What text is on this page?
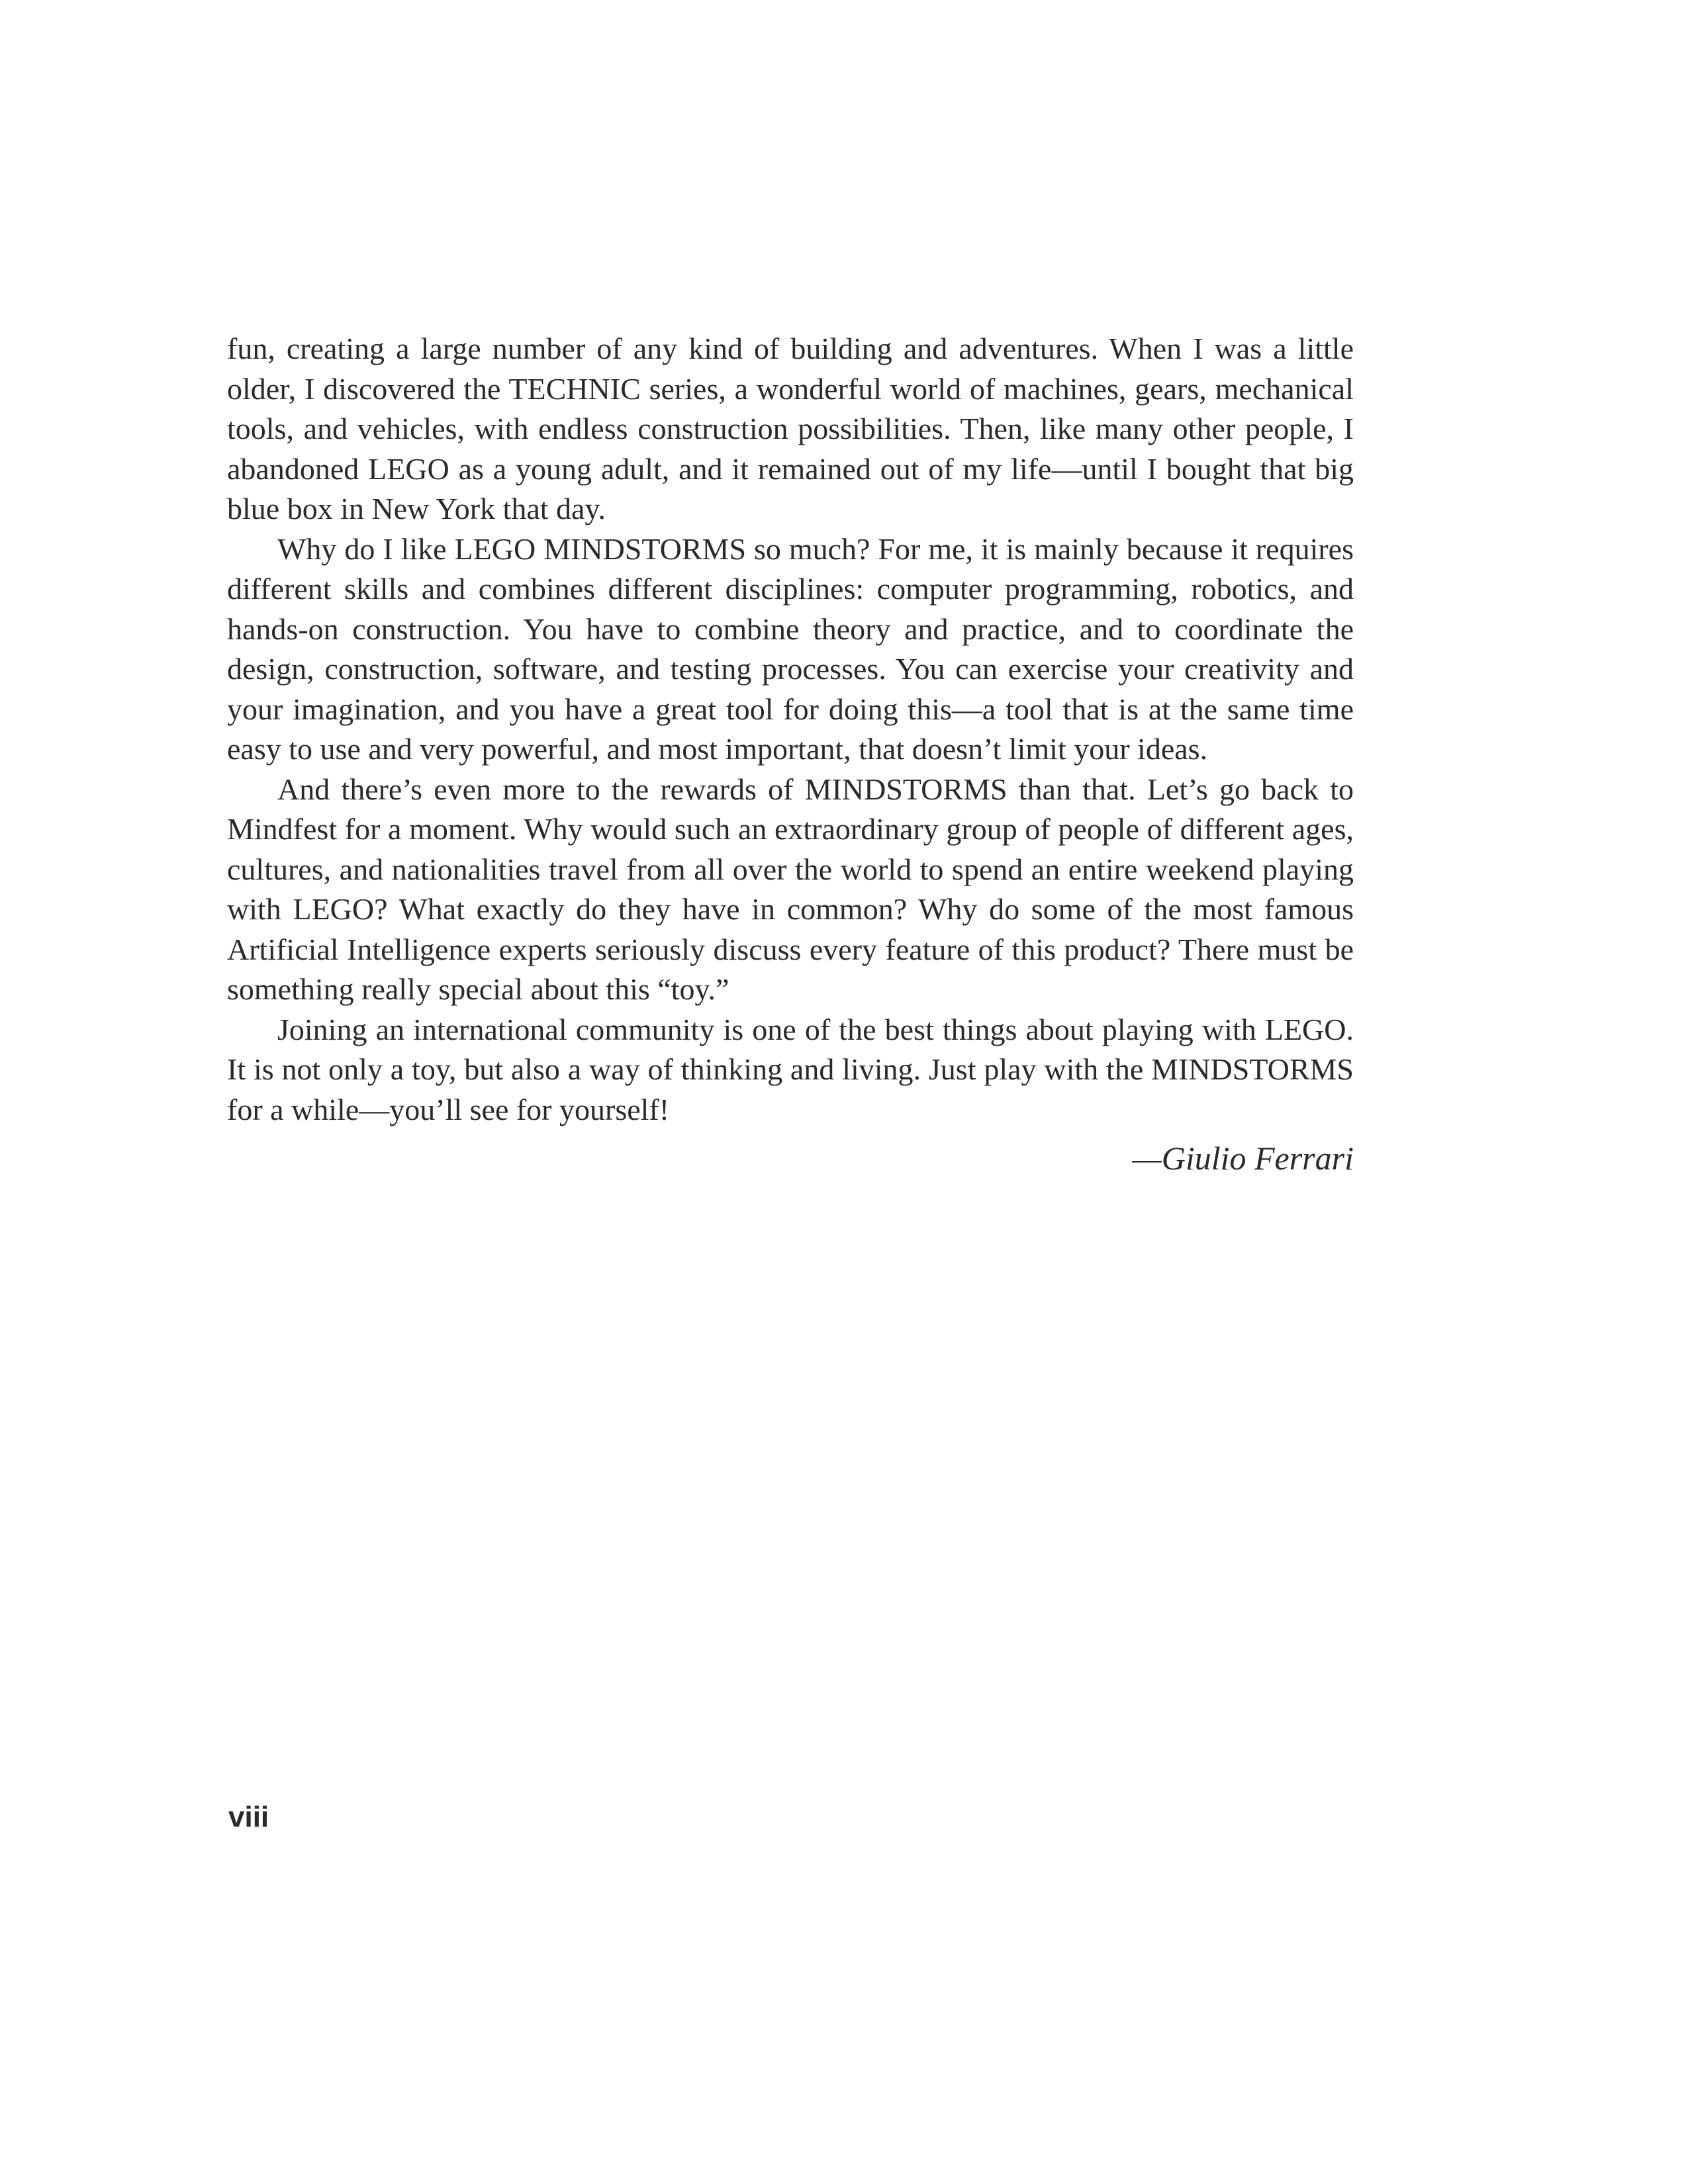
fun, creating a large number of any kind of building and adventures. When I was a little older, I discovered the TECHNIC series, a wonderful world of machines, gears, mechanical tools, and vehicles, with endless construction possibilities. Then, like many other people, I abandoned LEGO as a young adult, and it remained out of my life—until I bought that big blue box in New York that day.

Why do I like LEGO MINDSTORMS so much? For me, it is mainly because it requires different skills and combines different disciplines: computer programming, robotics, and hands-on construction. You have to combine theory and practice, and to coordinate the design, construction, software, and testing processes. You can exercise your creativity and your imagination, and you have a great tool for doing this—a tool that is at the same time easy to use and very powerful, and most important, that doesn’t limit your ideas.

And there’s even more to the rewards of MINDSTORMS than that. Let’s go back to Mindfest for a moment. Why would such an extraordinary group of people of different ages, cultures, and nationalities travel from all over the world to spend an entire weekend playing with LEGO? What exactly do they have in common? Why do some of the most famous Artificial Intelligence experts seriously discuss every feature of this product? There must be something really special about this “toy.”

Joining an international community is one of the best things about playing with LEGO. It is not only a toy, but also a way of thinking and living. Just play with the MINDSTORMS for a while—you’ll see for yourself!

—Giulio Ferrari

viii
